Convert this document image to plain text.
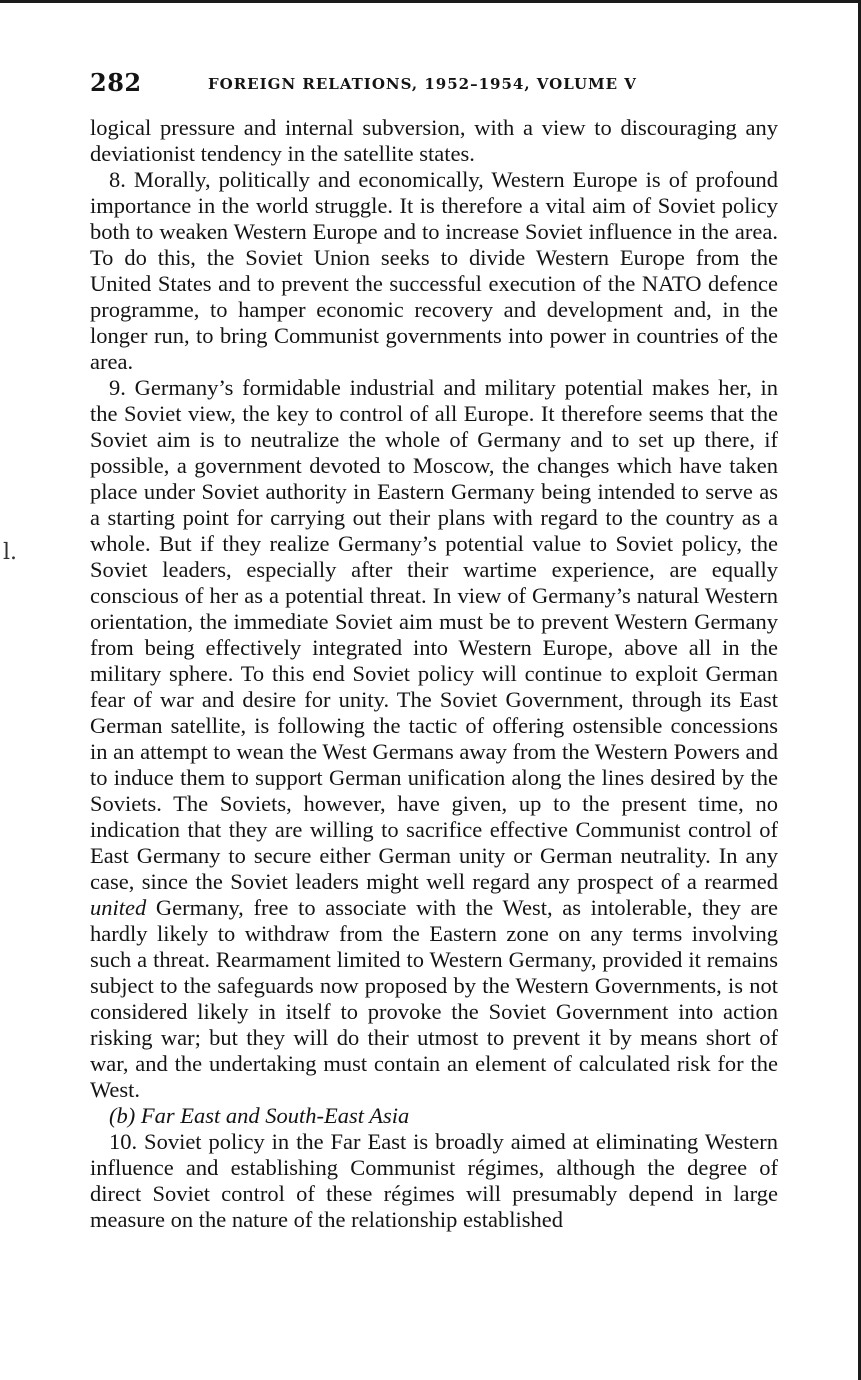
l.
282	FOREIGN RELATIONS, 1952–1954, VOLUME V

logical pressure and internal subversion, with a view to discouraging any deviationist tendency in the satellite states.

8. Morally, politically and economically, Western Europe is of profound importance in the world struggle. It is therefore a vital aim of Soviet policy both to weaken Western Europe and to increase Soviet influence in the area. To do this, the Soviet Union seeks to divide Western Europe from the United States and to prevent the successful execution of the NATO defence programme, to hamper economic recovery and development and, in the longer run, to bring Communist governments into power in countries of the area.

9. Germany’s formidable industrial and military potential makes her, in the Soviet view, the key to control of all Europe. It therefore seems that the Soviet aim is to neutralize the whole of Germany and to set up there, if possible, a government devoted to Moscow, the changes which have taken place under Soviet authority in Eastern Germany being intended to serve as a starting point for carrying out their plans with regard to the country as a whole. But if they realize Germany’s potential value to Soviet policy, the Soviet leaders, especially after their wartime experience, are equally conscious of her as a potential threat. In view of Germany’s natural Western orientation, the immediate Soviet aim must be to prevent Western Germany from being effectively integrated into Western Europe, above all in the military sphere. To this end Soviet policy will continue to exploit German fear of war and desire for unity. The Soviet Government, through its East German satellite, is following the tactic of offering ostensible concessions in an attempt to wean the West Germans away from the Western Powers and to induce them to support German unification along the lines desired by the Soviets. The Soviets, however, have given, up to the present time, no indication that they are willing to sacrifice effective Communist control of East Germany to secure either German unity or German neutrality. In any case, since the Soviet leaders might well regard any prospect of a rearmed united Germany, free to associate with the West, as intolerable, they are hardly likely to withdraw from the Eastern zone on any terms involving such a threat. Rearmament limited to Western Germany, provided it remains subject to the safeguards now proposed by the Western Governments, is not considered likely in itself to provoke the Soviet Government into action risking war; but they will do their utmost to prevent it by means short of war, and the undertaking must contain an element of calculated risk for the West.

(b) Far East and South-East Asia

10. Soviet policy in the Far East is broadly aimed at eliminating Western influence and establishing Communist régimes, although the degree of direct Soviet control of these régimes will presumably depend in large measure on the nature of the relationship established
